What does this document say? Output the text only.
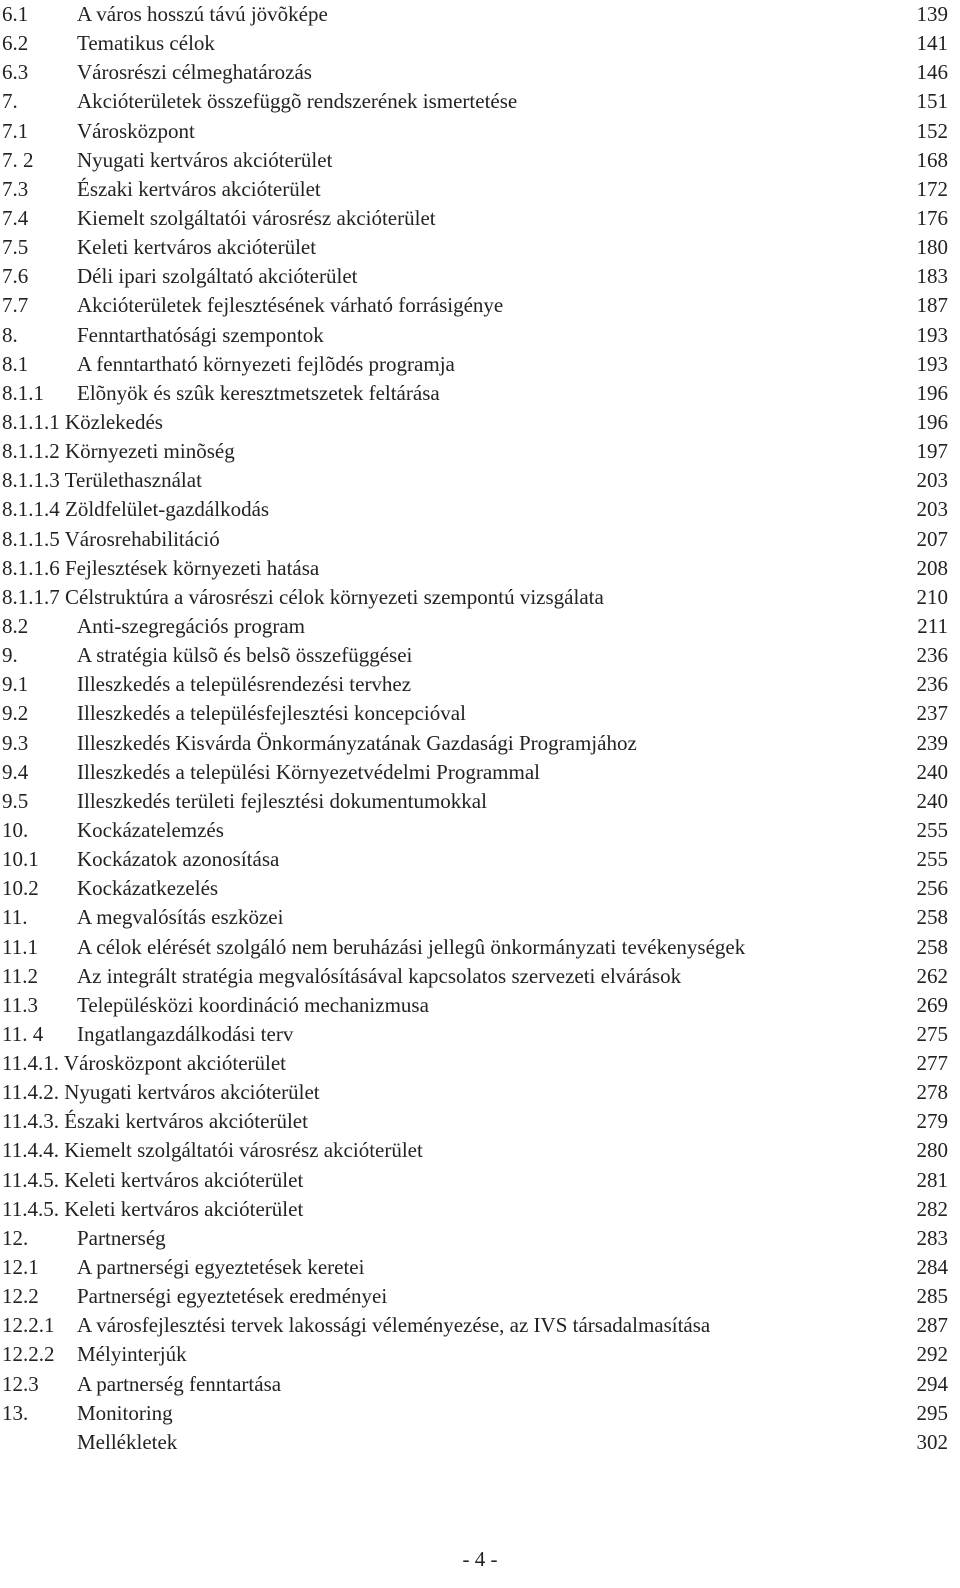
6.1 A város hosszú távú jövõképe	139
6.2 Tematikus célok	141
6.3 Városrészi célmeghatározás	146
7.	Akcióterületek összefüggõ rendszerének ismertetése	151
7.1 Városközpont	152
7. 2 Nyugati kertváros akcióterület	168
7.3 Északi kertváros akcióterület	172
7.4 Kiemelt szolgáltatói városrész akcióterület	176
7.5 Keleti kertváros akcióterület	180
7.6 Déli ipari szolgáltató akcióterület	183
7.7 Akcióterületek fejlesztésének várható forrásigénye	187
8.	Fenntarthatósági szempontok	193
8.1 A fenntartható környezeti fejlõdés programja	193
8.1.1 Elõnyök és szûk keresztmetszetek feltárása	196
8.1.1.1 Közlekedés	196
8.1.1.2 Környezeti minõség	197
8.1.1.3 Területhasználat	203
8.1.1.4 Zöldfelület-gazdálkodás	203
8.1.1.5 Városrehabilitáció	207
8.1.1.6 Fejlesztések környezeti hatása	208
8.1.1.7 Célstruktúra a városrészi célok környezeti szempontú vizsgálata	210
8.2 Anti-szegregációs program	211
9.	A stratégia külsõ és belsõ összefüggései	236
9.1 Illeszkedés a településrendezési tervhez	236
9.2 Illeszkedés a településfejlesztési koncepcióval	237
9.3 Illeszkedés Kisvárda Önkormányzatának Gazdasági Programjához	239
9.4 Illeszkedés a települési Környezetvédelmi Programmal	240
9.5 Illeszkedés területi fejlesztési dokumentumokkal	240
10. Kockázatelemzés	255
10.1 Kockázatok azonosítása	255
10.2 Kockázatkezelés	256
11. A megvalósítás eszközei	258
11.1 A célok elérését szolgáló nem beruházási jellegû önkormányzati tevékenységek	258
11.2 Az integrált stratégia megvalósításával kapcsolatos szervezeti elvárások	262
11.3 Településközi koordináció mechanizmusa	269
11. 4 Ingatlangazdálkodási terv	275
11.4.1. Városközpont akcióterület	277
11.4.2. Nyugati kertváros akcióterület	278
11.4.3. Északi kertváros akcióterület	279
11.4.4. Kiemelt szolgáltatói városrész akcióterület	280
11.4.5. Keleti kertváros akcióterület	281
11.4.5. Keleti kertváros akcióterület	282
12. Partnerség	283
12.1 A partnerségi egyeztetések keretei	284
12.2 Partnerségi egyeztetések eredményei	285
12.2.1 A városfejlesztési tervek lakossági véleményezése, az IVS társadalmasítása	287
12.2.2 Mélyinterjúk	292
12.3 A partnerség fenntartása	294
13. Monitoring	295
Mellékletek	302
- 4 -
